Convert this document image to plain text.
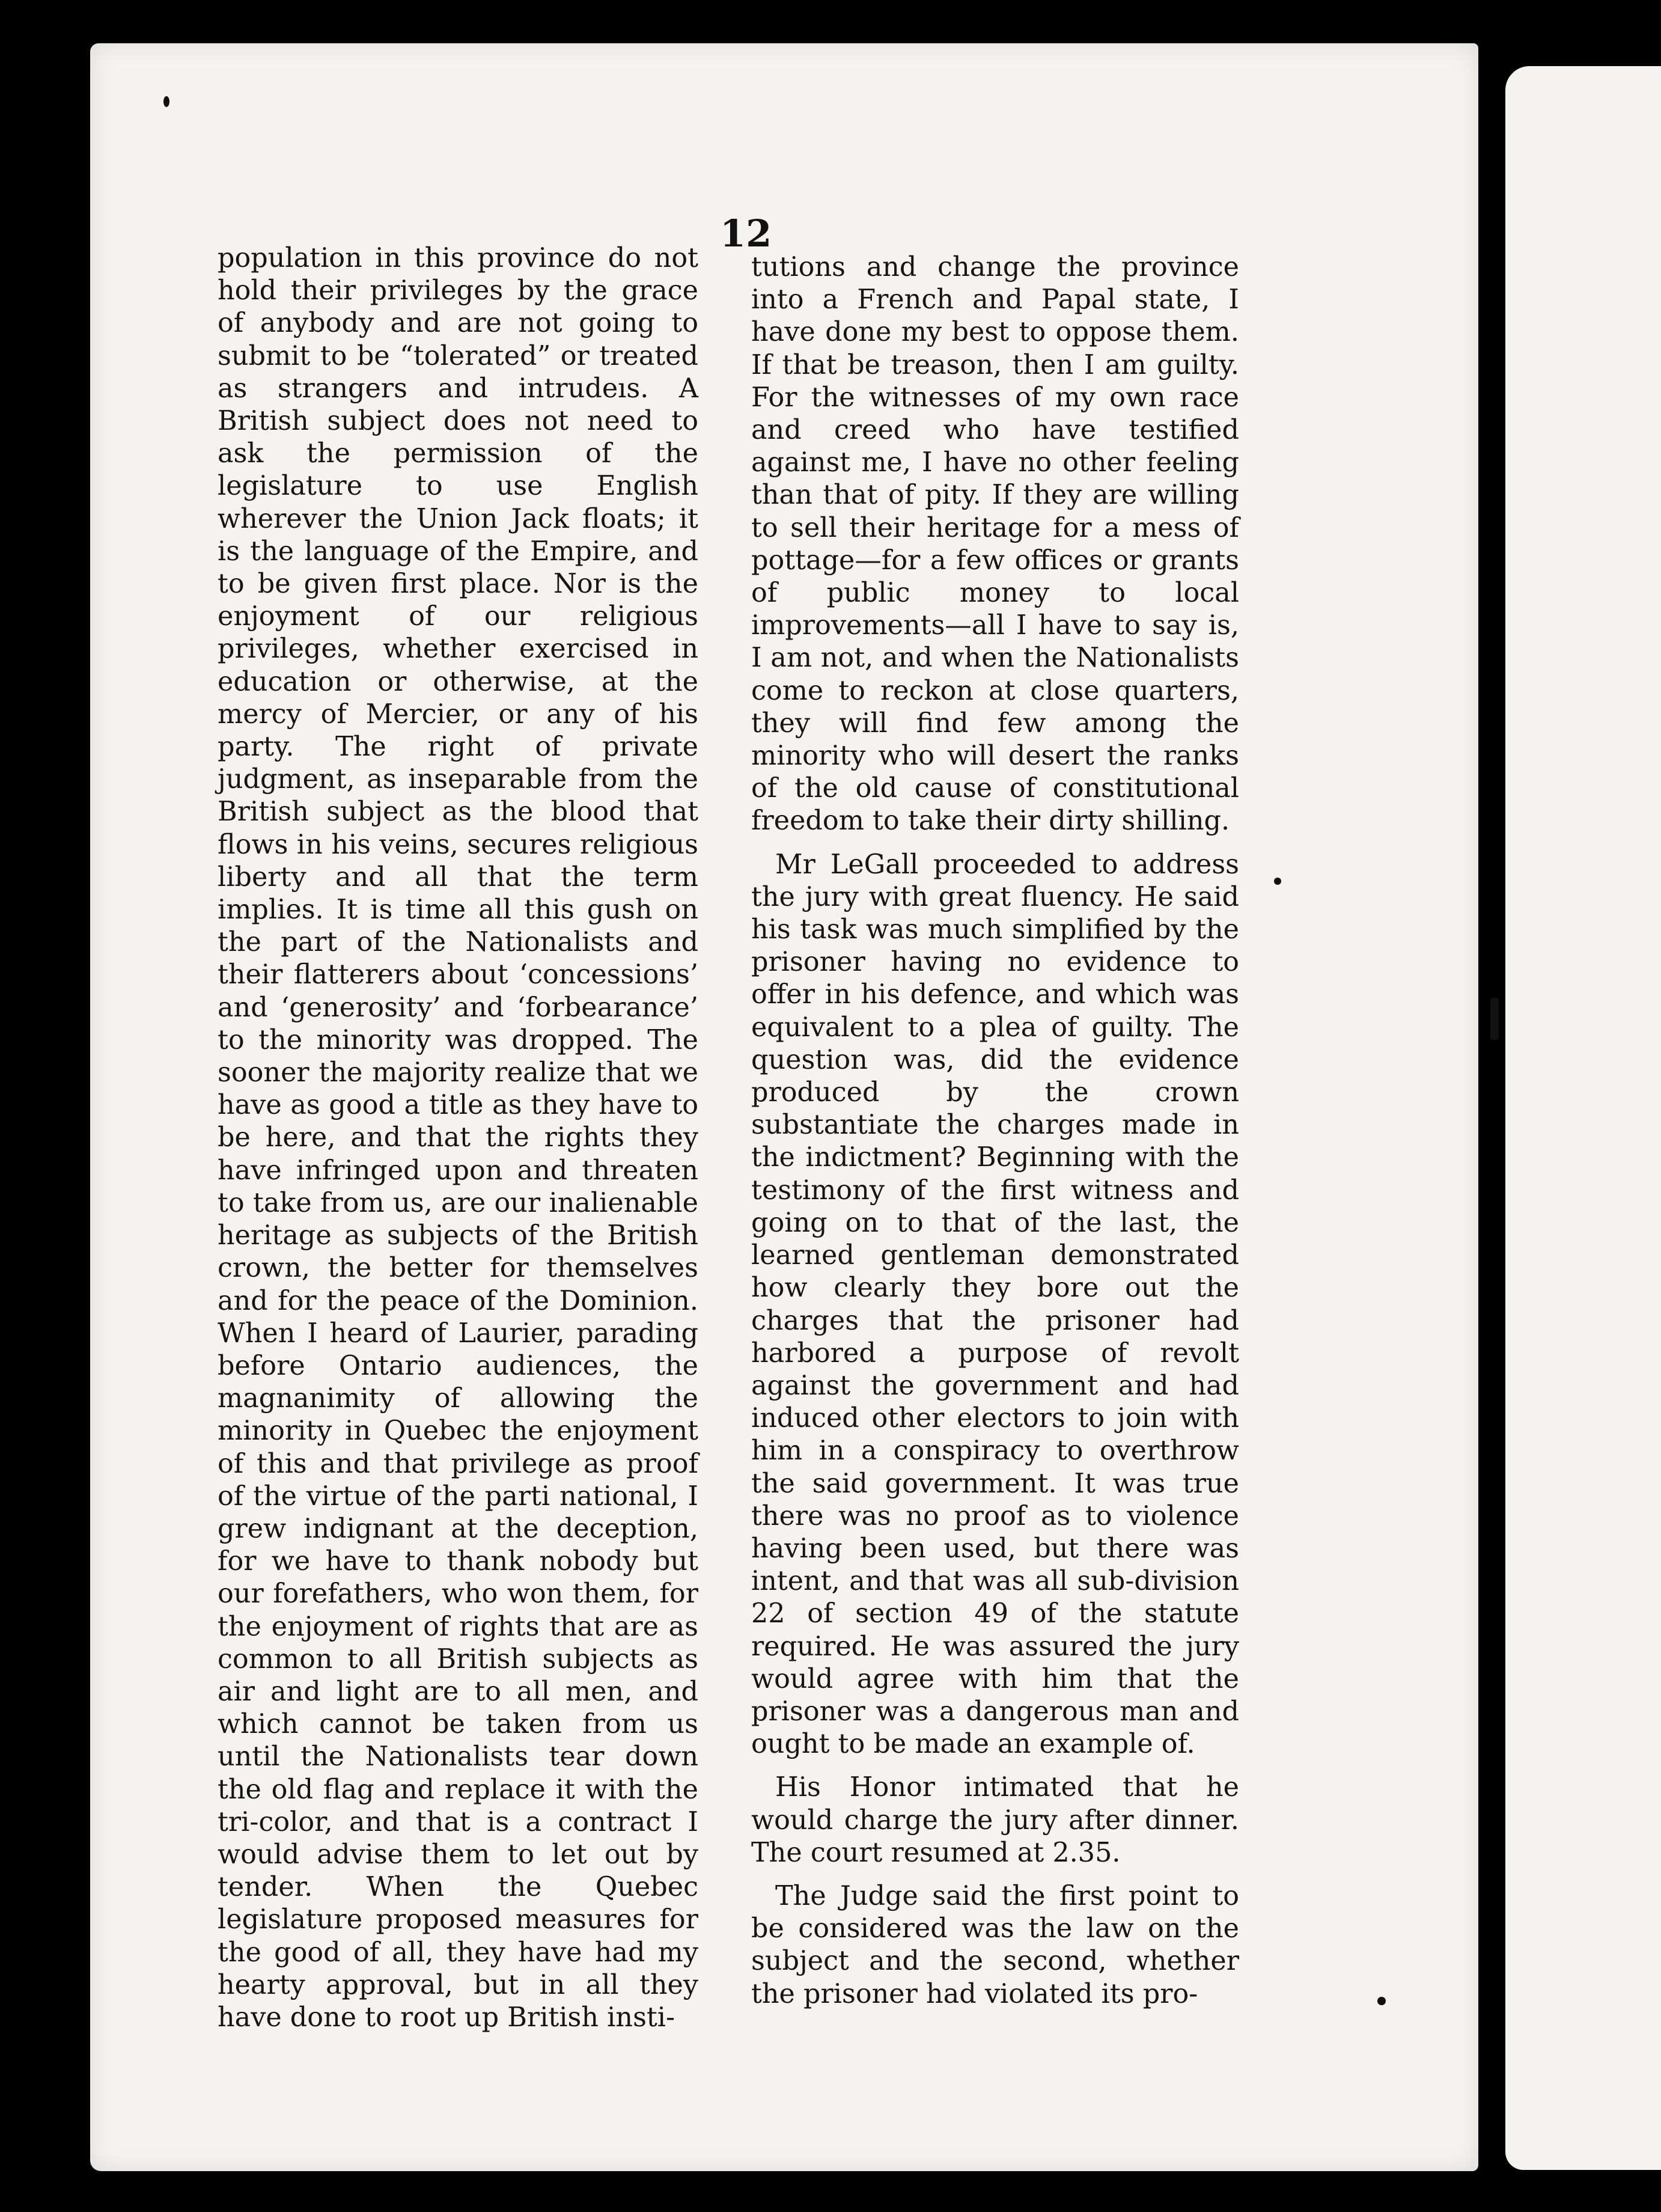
12

population in this province do not hold their privileges by the grace of anybody and are not going to submit to be “tolerated” or treated as strangers and intrudeıs. A British subject does not need to ask the permission of the legislature to use English wherever the Union Jack floats; it is the language of the Empire, and to be given first place. Nor is the enjoyment of our religious privileges, whether exercised in education or otherwise, at the mercy of Mercier, or any of his party. The right of private judgment, as inseparable from the British subject as the blood that flows in his veins, secures religious liberty and all that the term implies. It is time all this gush on the part of the Nationalists and their flatterers about ‘concessions’ and ‘generosity’ and ‘forbearance’ to the minority was dropped. The sooner the majority realize that we have as good a title as they have to be here, and that the rights they have infringed upon and threaten to take from us, are our inalienable heritage as subjects of the British crown, the better for themselves and for the peace of the Dominion. When I heard of Laurier, parading before Ontario audiences, the magnanimity of allowing the minority in Quebec the enjoyment of this and that privilege as proof of the virtue of the parti national, I grew indignant at the deception, for we have to thank nobody but our forefathers, who won them, for the enjoyment of rights that are as common to all British subjects as air and light are to all men, and which cannot be taken from us until the Nationalists tear down the old flag and replace it with the tri-color, and that is a contract I would advise them to let out by tender. When the Quebec legislature proposed measures for the good of all, they have had my hearty approval, but in all they have done to root up British insti-

tutions and change the province into a French and Papal state, I have done my best to oppose them. If that be treason, then I am guilty. For the witnesses of my own race and creed who have testified against me, I have no other feeling than that of pity. If they are willing to sell their heritage for a mess of pottage—for a few offices or grants of public money to local improvements—all I have to say is, I am not, and when the Nationalists come to reckon at close quarters, they will find few among the minority who will desert the ranks of the old cause of constitutional freedom to take their dirty shilling.

Mr LeGall proceeded to address the jury with great fluency. He said his task was much simplified by the prisoner having no evidence to offer in his defence, and which was equivalent to a plea of guilty. The question was, did the evidence produced by the crown substantiate the charges made in the indictment? Beginning with the testimony of the first witness and going on to that of the last, the learned gentleman demonstrated how clearly they bore out the charges that the prisoner had harbored a purpose of revolt against the government and had induced other electors to join with him in a conspiracy to overthrow the said government. It was true there was no proof as to violence having been used, but there was intent, and that was all sub-division 22 of section 49 of the statute required. He was assured the jury would agree with him that the prisoner was a dangerous man and ought to be made an example of.

His Honor intimated that he would charge the jury after dinner. The court resumed at 2.35.

The Judge said the first point to be considered was the law on the subject and the second, whether the prisoner had violated its pro-
